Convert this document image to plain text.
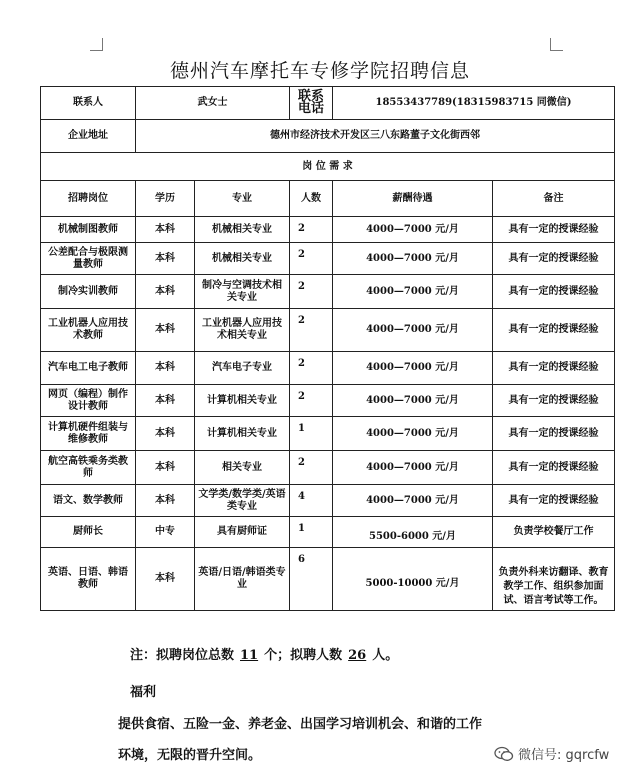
德州汽车摩托车专修学院招聘信息
联系人	武女士		联系电话	18553437789(18315983715 同微信)	
企业地址	德州市经济技术开发区三八东路董子文化街西邻				
岗 位 需 求					
招聘岗位	学历	专业	人数	薪酬待遇	备注
机械制图教师	本科	机械相关专业	2	4000—7000 元/月	具有一定的授课经验
公差配合与极限测量教师	本科	机械相关专业	2	4000—7000 元/月	具有一定的授课经验
制冷实训教师	本科	制冷与空调技术相关专业	2	4000—7000 元/月	具有一定的授课经验
工业机器人应用技术教师	本科	工业机器人应用技术相关专业	2	4000—7000 元/月	具有一定的授课经验
汽车电工电子教师	本科	汽车电子专业	2	4000—7000 元/月	具有一定的授课经验
网页（编程）制作设计教师	本科	计算机相关专业	2	4000—7000 元/月	具有一定的授课经验
计算机硬件组装与维修教师	本科	计算机相关专业	1	4000—7000 元/月	具有一定的授课经验
航空高铁乘务类教师	本科	相关专业	2	4000—7000 元/月	具有一定的授课经验
语文、数学教师	本科	文学类/数学类/英语类专业	4	4000—7000 元/月	具有一定的授课经验
厨师长	中专	具有厨师证	1	5500-6000 元/月	负责学校餐厅工作
英语、日语、韩语教师	本科	英语/日语/韩语类专业	6	5000-10000 元/月	负责外科来访翻译、教育教学工作、组织参加面试、语言考试等工作。
注：拟聘岗位总数 11 个；拟聘人数 26 人。
福利
提供食宿、五险一金、养老金、出国学习培训机会、和谐的工作
环境，无限的晋升空间。	微信号: gqrcfw
